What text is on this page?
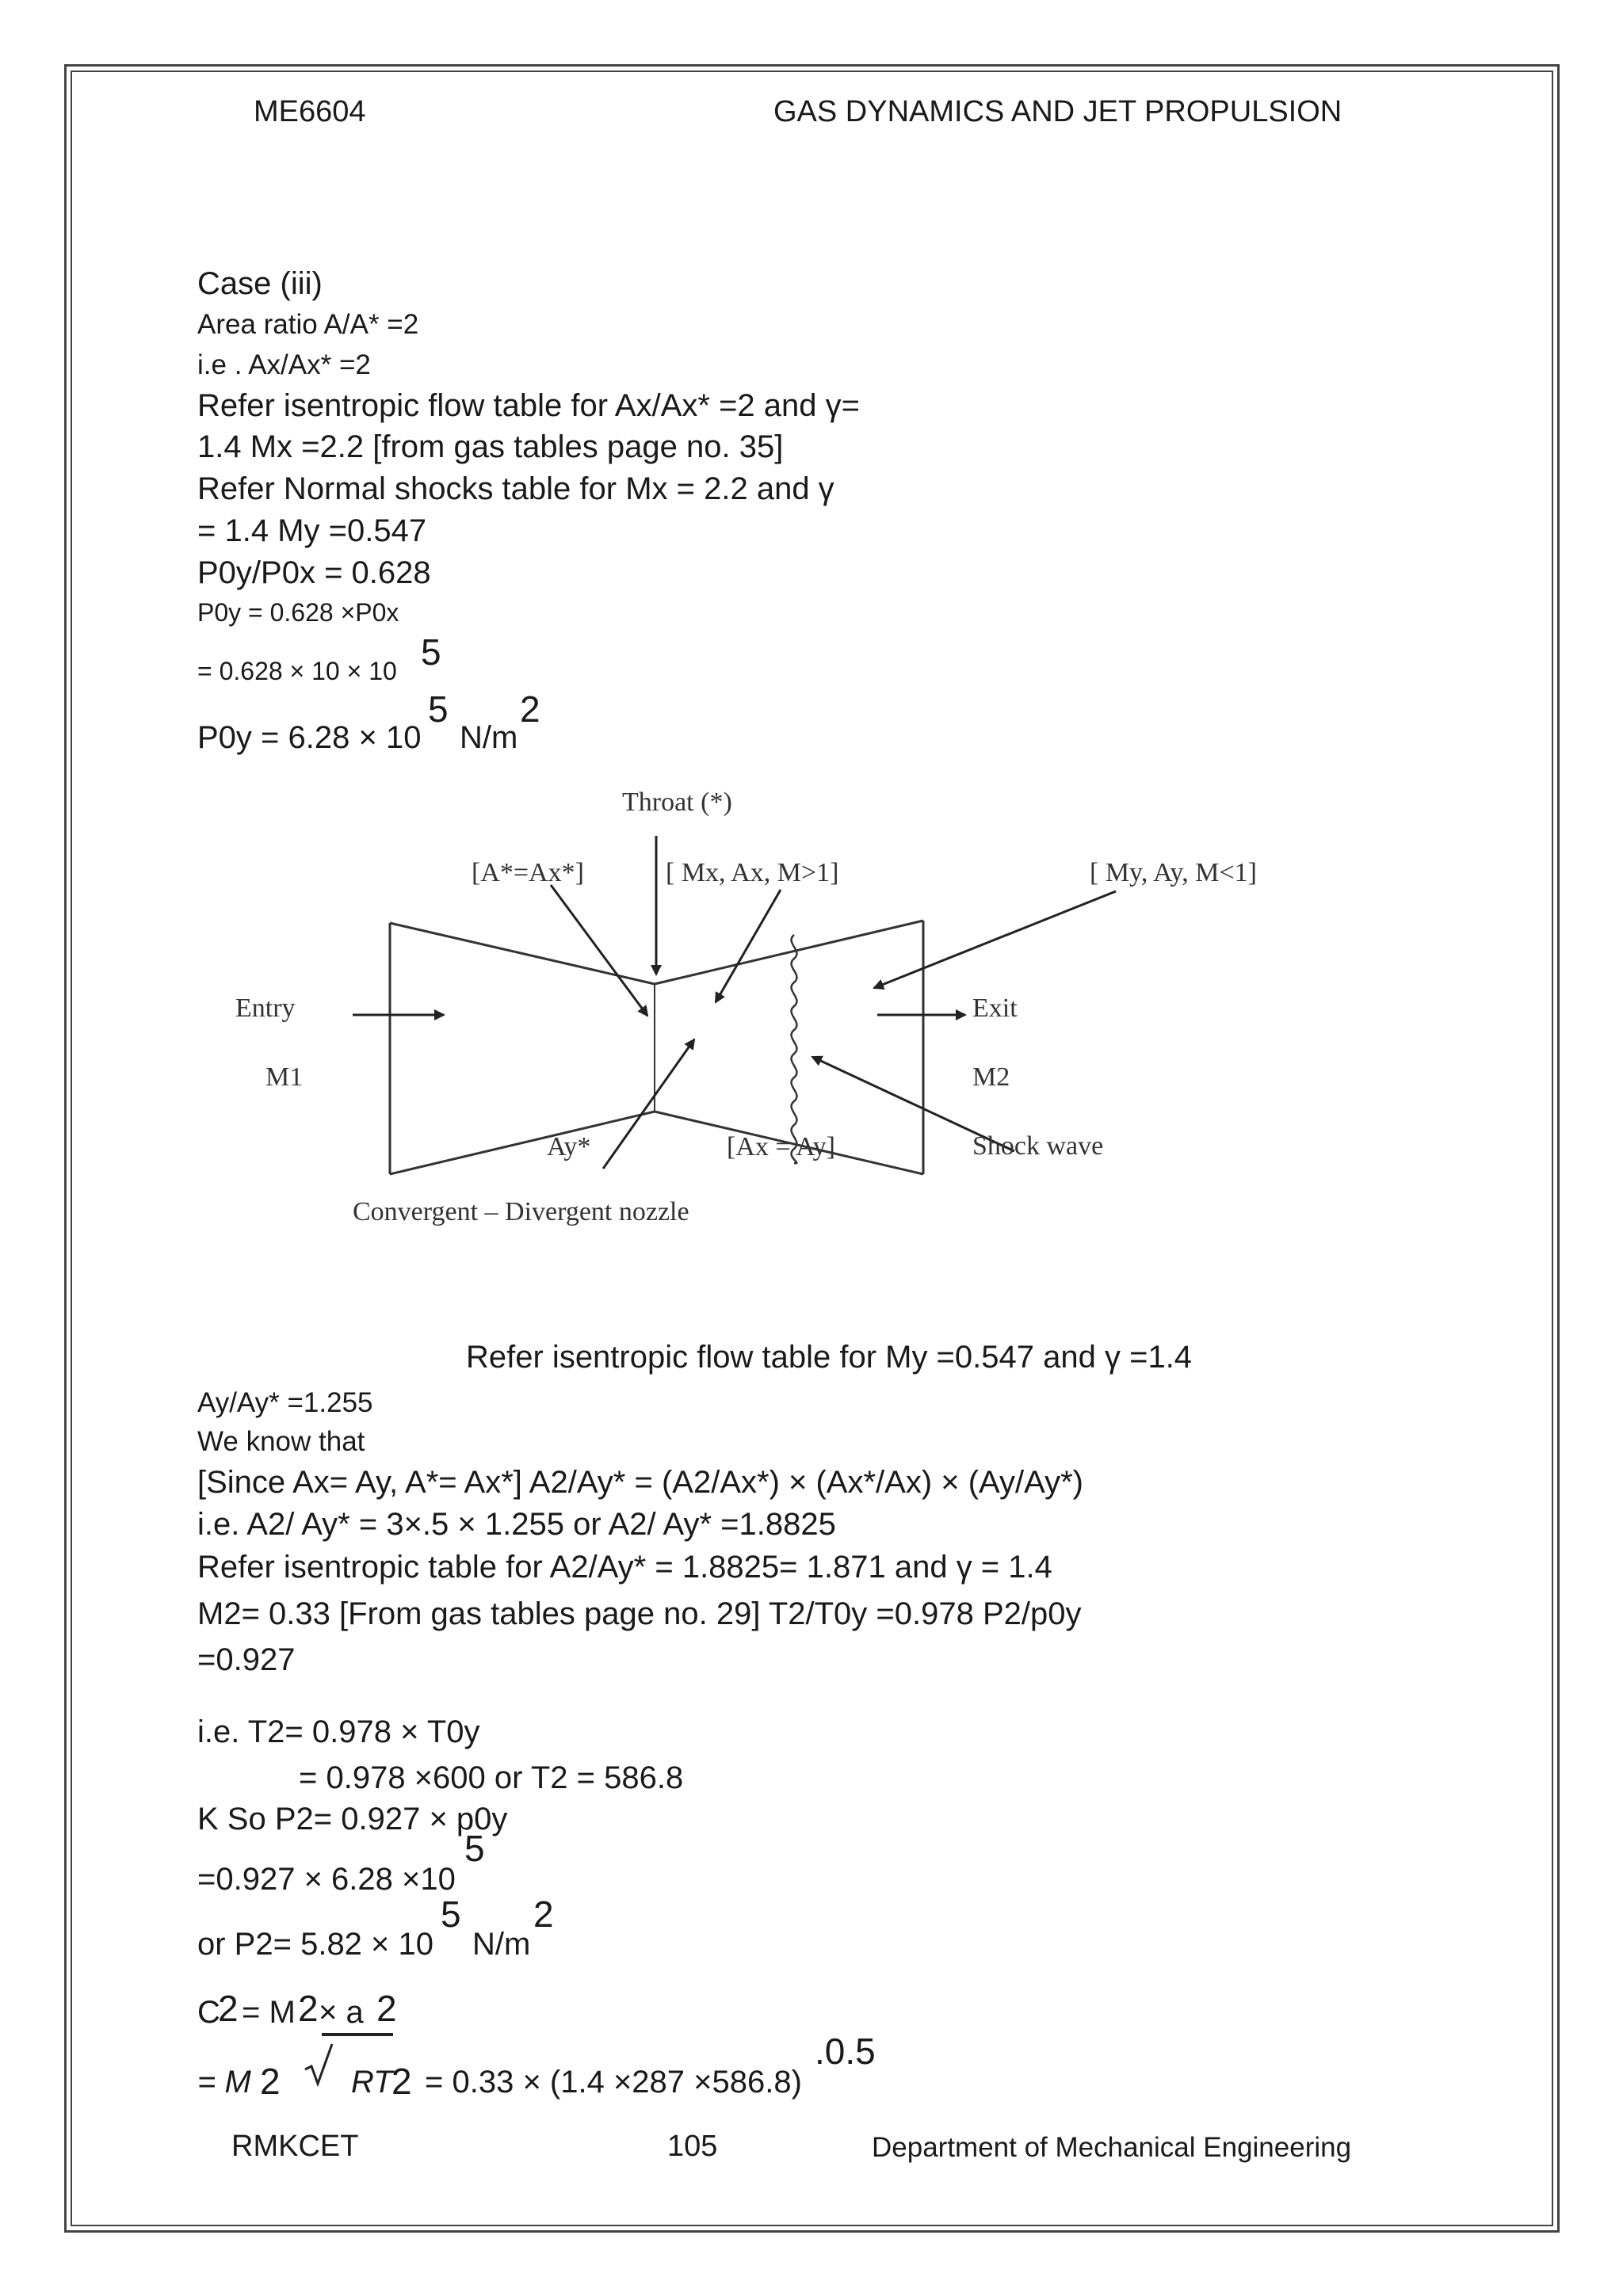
ME6604	GAS DYNAMICS AND JET PROPULSION
Case (iii)
Area ratio A/A* =2
i.e . Ax/Ax* =2
Refer isentropic flow table for Ax/Ax* =2 and γ=
1.4 Mx =2.2 [from gas tables page no. 35]
Refer Normal shocks table for Mx = 2.2 and γ
= 1.4 My =0.547
P0y/P0x = 0.628
P0y = 0.628 ×P0x
= 0.628 × 10 × 10 5
P0y = 6.28 × 10
5
N/m
2
Throat (*)
[A*=Ax*]	[ Mx, Ax, M>1]	[ My, Ay, M<1]
Entry
M1
Exit
M2
Ay*	[Ax = Ay]	Shock wave
Convergent – Divergent nozzle
Refer isentropic flow table for My =0.547 and γ =1.4
Ay/Ay* =1.255
We know that
[Since Ax= Ay, A*= Ax*] A2/Ay* = (A2/Ax*) × (Ax*/Ax) × (Ay/Ay*)
i.e. A2/ Ay* = 3×.5 × 1.255 or A2/ Ay* =1.8825
Refer isentropic table for A2/Ay* = 1.8825= 1.871 and γ = 1.4
M2= 0.33 [From gas tables page no. 29] T2/T0y =0.978 P2/p0y
=0.927
i.e. T2= 0.978 × T0y
= 0.978 ×600 or T2 = 586.8
K So P2= 0.927 × p0y
=0.927 × 6.28 ×10
5
or P2= 5.82 × 10
5
N/m
2
C
2 = M 2 × a 2
= M 2 RT
2 = 0.33 × (1.4 ×287 ×586.8)
.0.5
RMKCET	105	Department of Mechanical Engineering
